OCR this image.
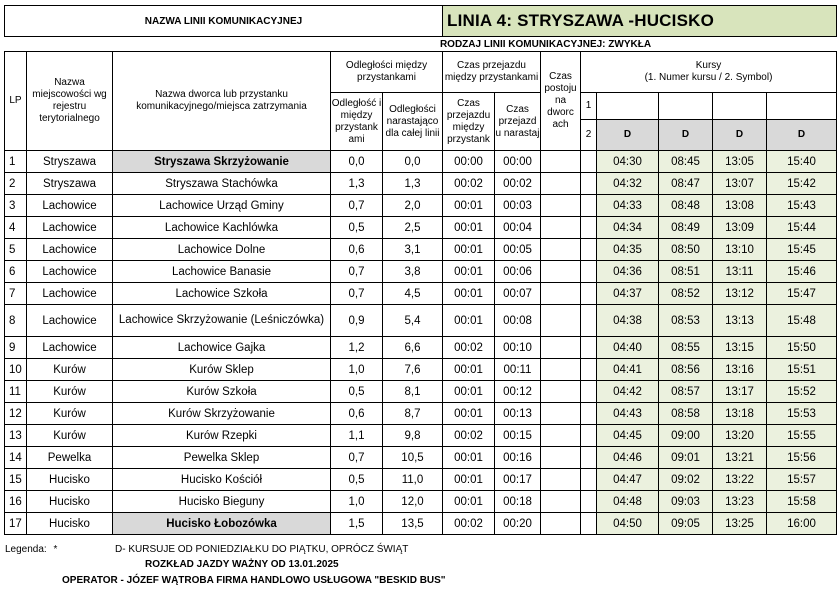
NAZWA LINII KOMUNIKACYJNEJ					LINIA 4: STRYSZAWA -HUCISKO							
RODZAJ LINII KOMUNIKACYJNEJ: ZWYKŁA												
LP	Nazwa miejscowości wg rejestru terytorialnego	Nazwa dworca lub przystanku komunikacyjnego/miejsca zatrzymania	Odległości między przystankami		Czas przejazdu między przystankami		Czas postoju na dworc ach	Kursy
(1. Numer kursu / 2. Symbol)				
			Odległość i między przystank ami	Odległości narastająco dla całej linii	Czas przejazdu między przystank	Czas przejazd u narastaj		1				
								2	D	D	D	D
1	Stryszawa	Stryszawa Skrzyżowanie	0,0	0,0	00:00	00:00			04:30	08:45	13:05	15:40
2	Stryszawa	Stryszawa Stachówka	1,3	1,3	00:02	00:02			04:32	08:47	13:07	15:42
3	Lachowice	Lachowice Urząd Gminy	0,7	2,0	00:01	00:03			04:33	08:48	13:08	15:43
4	Lachowice	Lachowice Kachlówka	0,5	2,5	00:01	00:04			04:34	08:49	13:09	15:44
5	Lachowice	Lachowice Dolne	0,6	3,1	00:01	00:05			04:35	08:50	13:10	15:45
6	Lachowice	Lachowice Banasie	0,7	3,8	00:01	00:06			04:36	08:51	13:11	15:46
7	Lachowice	Lachowice Szkoła	0,7	4,5	00:01	00:07			04:37	08:52	13:12	15:47
8	Lachowice	Lachowice Skrzyżowanie (Leśniczówka)	0,9	5,4	00:01	00:08			04:38	08:53	13:13	15:48
9	Lachowice	Lachowice Gajka	1,2	6,6	00:02	00:10			04:40	08:55	13:15	15:50
10	Kurów	Kurów Sklep	1,0	7,6	00:01	00:11			04:41	08:56	13:16	15:51
11	Kurów	Kurów Szkoła	0,5	8,1	00:01	00:12			04:42	08:57	13:17	15:52
12	Kurów	Kurów Skrzyżowanie	0,6	8,7	00:01	00:13			04:43	08:58	13:18	15:53
13	Kurów	Kurów Rzepki	1,1	9,8	00:02	00:15			04:45	09:00	13:20	15:55
14	Pewelka	Pewelka Sklep	0,7	10,5	00:01	00:16			04:46	09:01	13:21	15:56
15	Hucisko	Hucisko Kościół	0,5	11,0	00:01	00:17			04:47	09:02	13:22	15:57
16	Hucisko	Hucisko Bieguny	1,0	12,0	00:01	00:18			04:48	09:03	13:23	15:58
17	Hucisko	Hucisko Łobozówka	1,5	13,5	00:02	00:20			04:50	09:05	13:25	16:00
Legenda: *	D- KURSUJE OD PONIEDZIAŁKU DO PIĄTKU, OPRÓCZ ŚWIĄT
ROZKŁAD JAZDY WAŻNY OD 13.01.2025
OPERATOR - JÓZEF WĄTROBA FIRMA HANDLOWO USŁUGOWA "BESKID BUS"
